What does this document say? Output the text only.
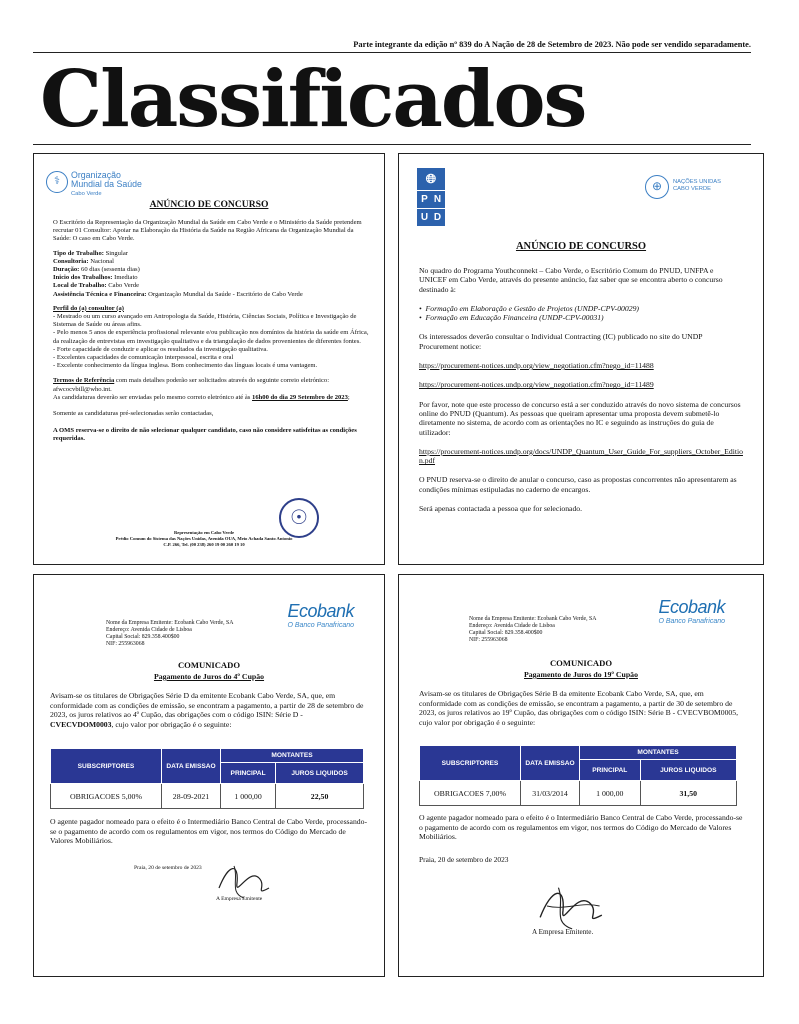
Parte integrante da edição nº 839 do A Nação de 28 de Setembro de 2023. Não pode ser vendido separadamente.
Classificados
⚕	Organização
Mundial da Saúde
Cabo Verde
ANÚNCIO DE CONCURSO

O Escritório da Representação da Organização Mundial da Saúde em Cabo Verde e o Ministério da Saúde pretendem recrutar 01 Consultor: Apoiar na Elaboração da História da Saúde na Região Africana da Organização Mundial da Saúde: O caso em Cabo Verde.

Tipo de Trabalho: Singular

Consultoria: Nacional

Duração: 60 dias (sessenta dias)

Inicio dos Trabalhos: Imediato

Local de Trabalho: Cabo Verde

Assistência Técnica e Financeira: Organização Mundial da Saúde - Escritório de Cabo Verde

Perfil do (a) consultor (a)

- Mestrado ou um curso avançado em Antropologia da Saúde, História, Ciências Sociais, Política e Investigação de Sistemas de Saúde ou áreas afins.

- Pelo menos 5 anos de experiência profissional relevante e/ou publicação nos domínios da história da saúde em África, da realização de entrevistas em investigação qualitativa e da triangulação de dados provenientes de diferentes fontes.

- Forte capacidade de conduzir e aplicar os resultados da investigação qualitativa.

- Excelentes capacidades de comunicação interpessoal, escrita e oral

- Excelente conhecimento da língua inglesa. Bom conhecimento das línguas locais é uma vantagem.

Termos de Referência com mais detalhes poderão ser solicitados através do seguinte correio eletrónico: afwcocvbill@who.int.

As candidaturas deverão ser enviadas pelo mesmo correio eletrónico até às 16h00 do dia 29 Setembro de 2023;

Somente as candidaturas pré-selecionadas serão contactadas,

A OMS reserva-se o direito de não selecionar qualquer candidato, caso não considere satisfeitas as condições requeridas.

☉
Representação em Cabo Verde
Prédio Comum do Sistema das Nações Unidas, Avenida OUA, Meio Achada Santo Antonio
C.P. 266, Tel. (00 238) 260 19 00 260 19 10
🌐︎
P N
U D
⊕	NAÇÕES UNIDAS
CABO VERDE
ANÚNCIO DE CONCURSO

No quadro do Programa Youthconnekt – Cabo Verde, o Escritório Comum do PNUD, UNFPA e UNICEF em Cabo Verde, através do presente anúncio, faz saber que se encontra aberto o concurso destinado à:

•  Formação em Elaboração e Gestão de Projetos (UNDP-CPV-00029)

•  Formação em Educação Financeira (UNDP-CPV-00031)

Os interessados deverão consultar o Individual Contracting (IC) publicado no site do UNDP Procurement notice:

https://procurement-notices.undp.org/view_negotiation.cfm?nego_id=11488

https://procurement-notices.undp.org/view_negotiation.cfm?nego_id=11489

Por favor, note que este processo de concurso está a ser conduzido através do novo sistema de concursos online do PNUD (Quantum). As pessoas que queiram apresentar uma proposta devem submetê-lo diretamente no sistema, de acordo com as orientações no IC e seguindo as instruções do guia de utilizador:

https://procurement-notices.undp.org/docs/UNDP_Quantum_User_Guide_For_suppliers_October_Edition.pdf

O PNUD reserva-se o direito de anular o concurso, caso as propostas concorrentes não apresentarem as condições mínimas estipuladas no caderno de encargos.

Será apenas contactada a pessoa que for selecionado.

Nome da Empresa Emitente: Ecobank Cabo Verde, SA
Endereço: Avenida Cidade de Lisboa
Capital Social: 829.358.400$00
NIF: 255963068
Ecobank
O Banco Panafricano
COMUNICADO
Pagamento de Juros do 4º Cupão

Avisam-se os titulares de Obrigações Série D da emitente Ecobank Cabo Verde, SA, que, em conformidade com as condições de emissão, se encontram a pagamento, a partir de 28 de setembro de 2023, os juros relativos ao 4º Cupão, das obrigações com o código ISIN: Série D - CVECVDOM0003, cujo valor por obrigação é o seguinte:

SUBSCRIPTORES	DATA EMISSAO	MONTANTES	
		PRINCIPAL	JUROS LIQUIDOS
OBRIGACOES 5,00%	28-09-2021	1 000,00	22,50

O agente pagador nomeado para o efeito é o Intermediário Banco Central de Cabo Verde, processando-se o pagamento de acordo com os regulamentos em vigor, nos termos do Código do Mercado de Valores Mobiliários.

Praia, 20 de setembro de 2023
A Empresa Emitente
Nome da Empresa Emitente: Ecobank Cabo Verde, SA
Endereço: Avenida Cidade de Lisboa
Capital Social: 829.358.400$00
NIF: 255963068
Ecobank
O Banco Panafricano
COMUNICADO
Pagamento de Juros do 19º Cupão

Avisam-se os titulares de Obrigações Série B da emitente Ecobank Cabo Verde, SA, que, em conformidade com as condições de emissão, se encontram a pagamento, a partir de 30 de setembro de 2023, os juros relativos ao 19º Cupão, das obrigações com o código ISIN: Série B - CVECVBOM0005, cujo valor por obrigação é o seguinte:

SUBSCRIPTORES	DATA EMISSAO	MONTANTES	
		PRINCIPAL	JUROS LIQUIDOS
OBRIGACOES 7,00%	31/03/2014	1 000,00	31,50

O agente pagador nomeado para o efeito é o Intermediário Banco Central de Cabo Verde, processando-se o pagamento de acordo com os regulamentos em vigor, nos termos do Código do Mercado de Valores Mobiliários.

Praia, 20 de setembro de 2023
A Empresa Emitente.
